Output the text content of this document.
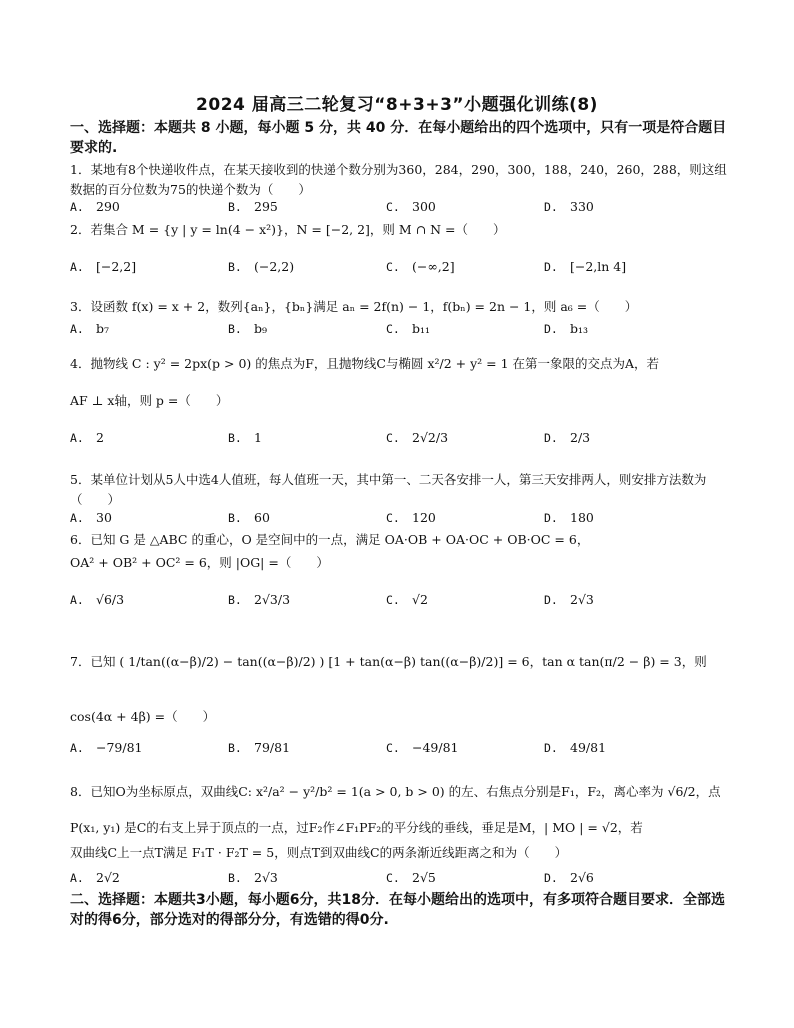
2024 届高三二轮复习“8+3+3”小题强化训练(8)
一、选择题：本题共 8 小题，每小题 5 分，共 40 分．在每小题给出的四个选项中，只有一项是符合题目要求的.
1．某地有8个快递收件点，在某天接收到的快递个数分别为360，284，290，300，188，240，260，288，则这组数据的百分位数为75的快递个数为（　　）
A. 290	B. 295	C. 300	D. 330
2．若集合 M = {y | y = ln(4 − x²)}，N = [−2, 2]，则 M ∩ N =（　　）
A. [−2,2]	B. (−2,2)	C. (−∞,2]	D. [−2,ln 4]
3．设函数 f(x) = x + 2，数列{aₙ}，{bₙ}满足 aₙ = 2f(n) − 1，f(bₙ) = 2n − 1，则 a₆ =（　　）
A. b₇	B. b₉	C. b₁₁	D. b₁₃
4．抛物线 C : y² = 2px(p > 0) 的焦点为F，且抛物线C与椭圆 x²/2 + y² = 1 在第一象限的交点为A，若
AF ⊥ x轴，则 p =（　　）
A. 2	B. 1	C. 2√2/3	D. 2/3
5．某单位计划从5人中选4人值班，每人值班一天，其中第一、二天各安排一人，第三天安排两人，则安排方法数为（　　）
A. 30	B. 60	C. 120	D. 180
6．已知 G 是 △ABC 的重心，O 是空间中的一点，满足 OA·OB + OA·OC + OB·OC = 6，
OA² + OB² + OC² = 6，则 |OG| =（　　）
A. √6/3	B. 2√3/3	C. √2	D. 2√3
7．已知 ( 1/tan((α−β)/2) − tan((α−β)/2) ) [1 + tan(α−β) tan((α−β)/2)] = 6，tan α tan(π/2 − β) = 3，则
cos(4α + 4β) =（　　）
A. −79/81	B. 79/81	C. −49/81	D. 49/81
8．已知O为坐标原点，双曲线C: x²/a² − y²/b² = 1(a > 0, b > 0) 的左、右焦点分别是F₁，F₂，离心率为 √6/2，点
P(x₁, y₁) 是C的右支上异于顶点的一点，过F₂作∠F₁PF₂的平分线的垂线，垂足是M，| MO | = √2，若
双曲线C上一点T满足 F₁T · F₂T = 5，则点T到双曲线C的两条渐近线距离之和为（　　）
A. 2√2	B. 2√3	C. 2√5	D. 2√6
二、选择题：本题共3小题，每小题6分，共18分．在每小题给出的选项中，有多项符合题目要求．全部选对的得6分，部分选对的得部分分，有选错的得0分.
